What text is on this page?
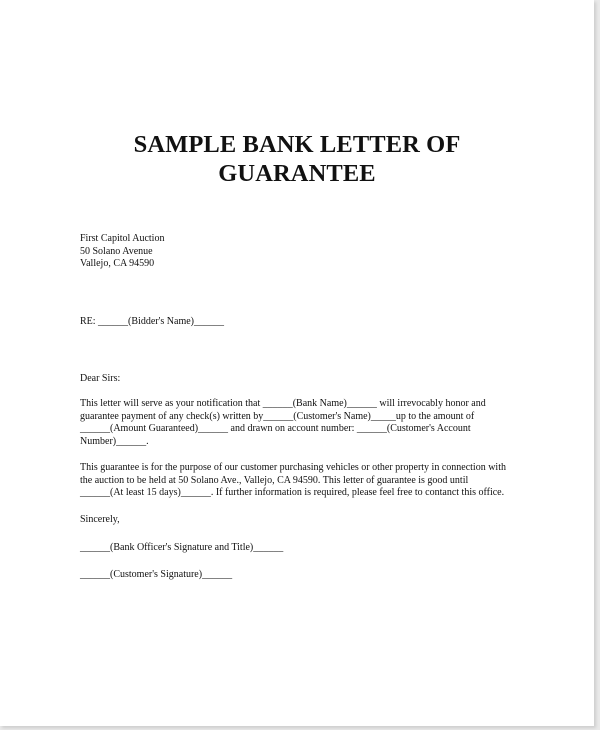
SAMPLE BANK LETTER OF
GUARANTEE
First Capitol Auction
50 Solano Avenue
Vallejo, CA 94590
RE: ______(Bidder's Name)______
Dear Sirs:
This letter will serve as your notification that ______(Bank Name)______ will irrevocably honor and
guarantee payment of any check(s) written by______(Customer's Name)_____up to the amount of
______(Amount Guaranteed)______ and drawn on account number: ______(Customer's Account
Number)______.
This guarantee is for the purpose of our customer purchasing vehicles or other property in connection with
the auction to be held at 50 Solano Ave., Vallejo, CA 94590. This letter of guarantee is good until
______(At least 15 days)______. If further information is required, please feel free to contanct this office.
Sincerely,
______(Bank Officer's Signature and Title)______
______(Customer's Signature)______
